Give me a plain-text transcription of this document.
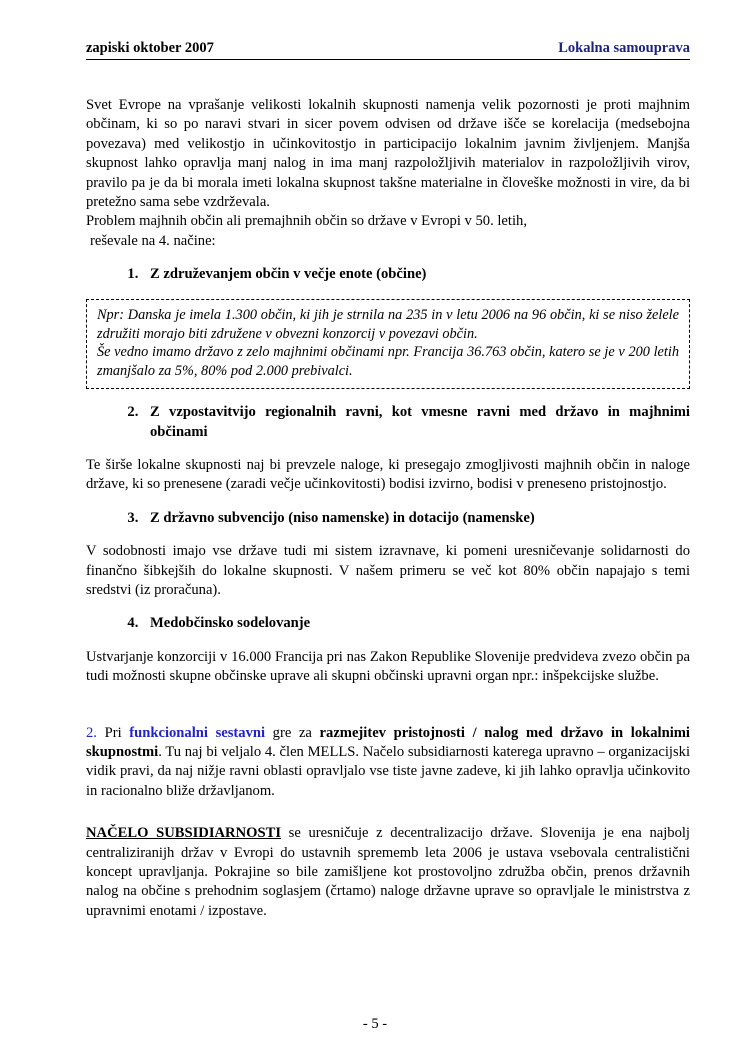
zapiski oktober 2007	Lokalna samouprava

Svet Evrope na vprašanje velikosti lokalnih skupnosti namenja velik pozornosti je proti majhnim občinam, ki so po naravi stvari in sicer povem odvisen od države išče se korelacija (medsebojna povezava) med velikostjo in učinkovitostjo in participacijo lokalnim javnim življenjem. Manjša skupnost lahko opravlja manj nalog in ima manj razpoložljivih materialov in razpoložljivih virov, pravilo pa je da bi morala imeti lokalna skupnost takšne materialne in človeške možnosti in vire, da bi pretežno sama sebe vzdrževala.

Problem majhnih občin ali premajhnih občin so države v Evropi v 50. letih,

reševale na 4. načine:

1. Z združevanjem občin v večje enote (občine)
Npr: Danska je imela 1.300 občin, ki jih je strnila na 235 in v letu 2006 na 96 občin, ki se niso želele združiti morajo biti združene v obvezni konzorcij v povezavi občin.
Še vedno imamo državo z zelo majhnimi občinami npr. Francija 36.763 občin, katero se je v 200 letih zmanjšalo za 5%, 80% pod 2.000 prebivalci.
2. Z vzpostavitvijo regionalnih ravni, kot vmesne ravni med državo in majhnimi občinami

Te širše lokalne skupnosti naj bi prevzele naloge, ki presegajo zmogljivosti majhnih občin in naloge države, ki so prenesene (zaradi večje učinkovitosti) bodisi izvirno, bodisi v preneseno pristojnostjo.

3. Z državno subvencijo (niso namenske) in dotacijo (namenske)

V sodobnosti imajo vse države tudi mi sistem izravnave, ki pomeni uresničevanje solidarnosti do finančno šibkejših do lokalne skupnosti. V našem primeru se več kot 80% občin napajajo s temi sredstvi (iz proračuna).

4. Medobčinsko sodelovanje

Ustvarjanje konzorciji v 16.000 Francija pri nas Zakon Republike Slovenije predvideva zvezo občin pa tudi možnosti skupne občinske uprave ali skupni občinski upravni organ npr.: inšpekcijske službe.

2. Pri funkcionalni sestavni gre za razmejitev pristojnosti / nalog med državo in lokalnimi skupnostmi. Tu naj bi veljalo 4. člen MELLS. Načelo subsidiarnosti katerega upravno – organizacijski vidik pravi, da naj nižje ravni oblasti opravljalo vse tiste javne zadeve, ki jih lahko opravlja učinkovito in racionalno bliže državljanom.

NAČELO SUBSIDIARNOSTI se uresničuje z decentralizacijo države. Slovenija je ena najbolj centraliziranijh držav v Evropi do ustavnih sprememb leta 2006 je ustava vsebovala centralistični koncept upravljanja. Pokrajine so bile zamišljene kot prostovoljno združba občin, prenos državnih nalog na občine s prehodnim soglasjem (črtamo) naloge državne uprave so opravljale le ministrstva z upravnimi enotami / izpostave.

- 5 -
